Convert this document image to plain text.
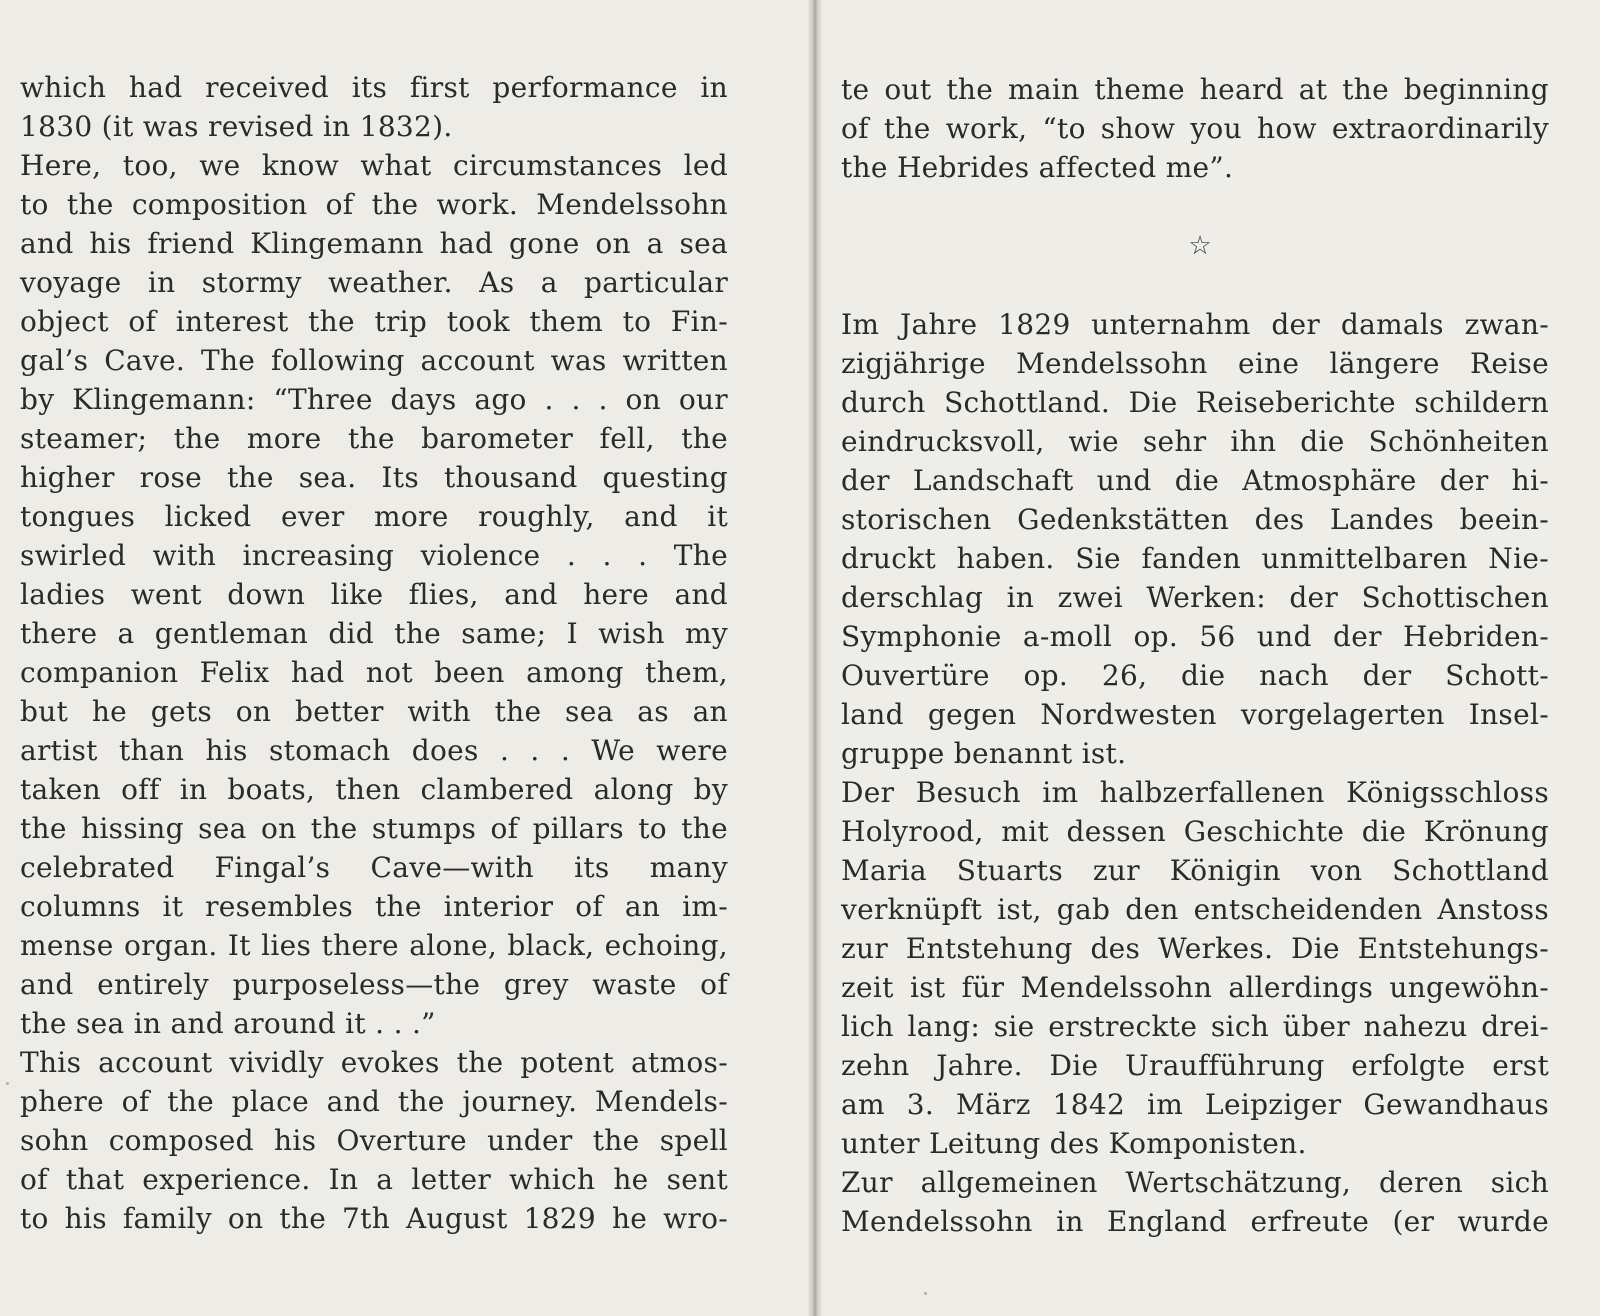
which had received its first performance in
1830 (it was revised in 1832).
Here, too, we know what circumstances led
to the composition of the work. Mendelssohn
and his friend Klingemann had gone on a sea
voyage in stormy weather. As a particular
object of interest the trip took them to Fin-
gal’s Cave. The following account was written
by Klingemann: “Three days ago . . . on our
steamer; the more the barometer fell, the
higher rose the sea. Its thousand questing
tongues licked ever more roughly, and it
swirled with increasing violence . . . The
ladies went down like flies, and here and
there a gentleman did the same; I wish my
companion Felix had not been among them,
but he gets on better with the sea as an
artist than his stomach does . . . We were
taken off in boats, then clambered along by
the hissing sea on the stumps of pillars to the
celebrated Fingal’s Cave—with its many
columns it resembles the interior of an im-
mense organ. It lies there alone, black, echoing,
and entirely purposeless—the grey waste of
the sea in and around it . . .”
This account vividly evokes the potent atmos-
phere of the place and the journey. Mendels-
sohn composed his Overture under the spell
of that experience. In a letter which he sent
to his family on the 7th August 1829 he wro-
☆
te out the main theme heard at the beginning
of the work, “to show you how extraordinarily
the Hebrides affected me”.
Im Jahre 1829 unternahm der damals zwan-
zigjährige Mendelssohn eine längere Reise
durch Schottland. Die Reiseberichte schildern
eindrucksvoll, wie sehr ihn die Schönheiten
der Landschaft und die Atmosphäre der hi-
storischen Gedenkstätten des Landes beein-
druckt haben. Sie fanden unmittelbaren Nie-
derschlag in zwei Werken: der Schottischen
Symphonie a-moll op. 56 und der Hebriden-
Ouvertüre op. 26, die nach der Schott-
land gegen Nordwesten vorgelagerten Insel-
gruppe benannt ist.
Der Besuch im halbzerfallenen Königsschloss
Holyrood, mit dessen Geschichte die Krönung
Maria Stuarts zur Königin von Schottland
verknüpft ist, gab den entscheidenden Anstoss
zur Entstehung des Werkes. Die Entstehungs-
zeit ist für Mendelssohn allerdings ungewöhn-
lich lang: sie erstreckte sich über nahezu drei-
zehn Jahre. Die Uraufführung erfolgte erst
am 3. März 1842 im Leipziger Gewandhaus
unter Leitung des Komponisten.
Zur allgemeinen Wertschätzung, deren sich
Mendelssohn in England erfreute (er wurde
